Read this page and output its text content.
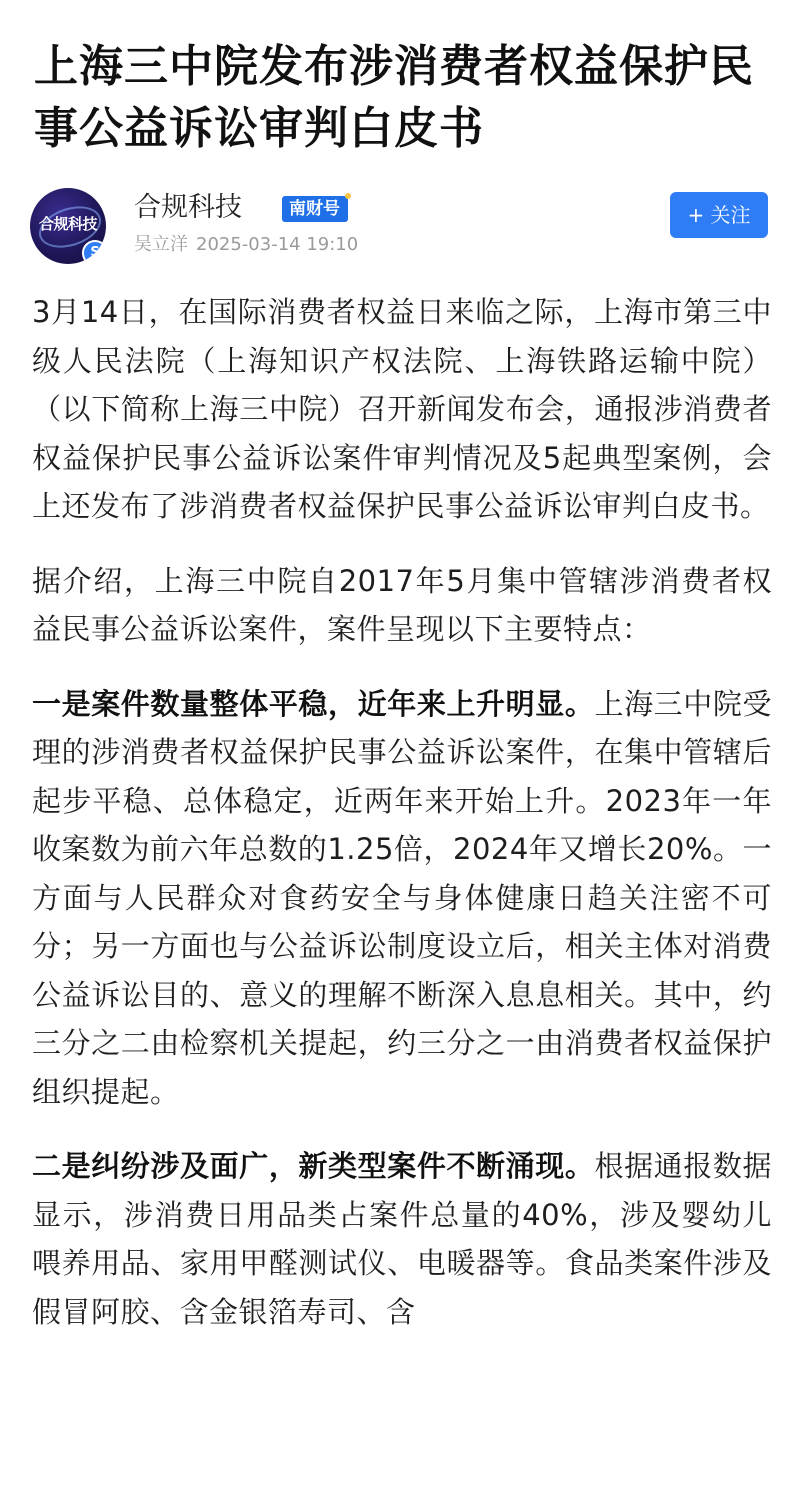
上海三中院发布涉消费者权益保护民事公益诉讼审判白皮书
合规科技
S
合规科技	南财号
吴立洋 2025-03-14 19:10
+ 关注

3月14日，在国际消费者权益日来临之际，上海市第三中级人民法院（上海知识产权法院、上海铁路运输中院）（以下简称上海三中院）召开新闻发布会，通报涉消费者权益保护民事公益诉讼案件审判情况及5起典型案例，会上还发布了涉消费者权益保护民事公益诉讼审判白皮书。

据介绍，上海三中院自2017年5月集中管辖涉消费者权益民事公益诉讼案件，案件呈现以下主要特点：

一是案件数量整体平稳，近年来上升明显。上海三中院受理的涉消费者权益保护民事公益诉讼案件，在集中管辖后起步平稳、总体稳定，近两年来开始上升。2023年一年收案数为前六年总数的1.25倍，2024年又增长20%。一方面与人民群众对食药安全与身体健康日趋关注密不可分；另一方面也与公益诉讼制度设立后，相关主体对消费公益诉讼目的、意义的理解不断深入息息相关。其中，约三分之二由检察机关提起，约三分之一由消费者权益保护组织提起。

二是纠纷涉及面广，新类型案件不断涌现。根据通报数据显示，涉消费日用品类占案件总量的40%，涉及婴幼儿喂养用品、家用甲醛测试仪、电暖器等。食品类案件涉及假冒阿胶、含金银箔寿司、含
